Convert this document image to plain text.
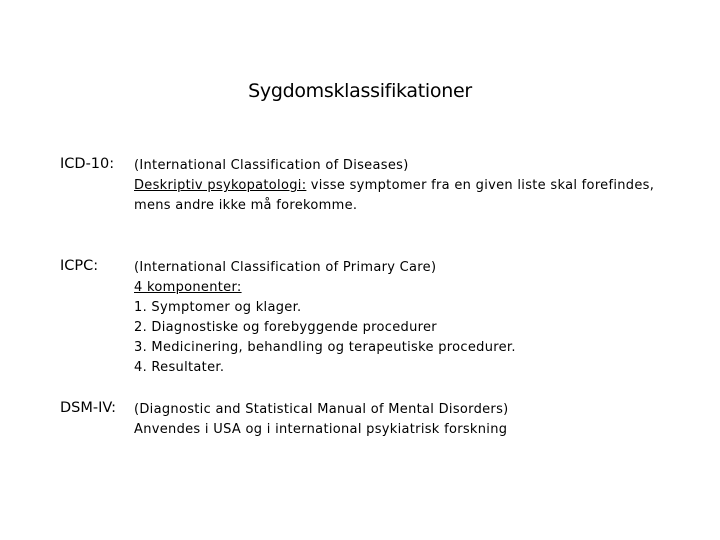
Sygdomsklassifikationer
ICD-10: (International Classification of Diseases)
Deskriptiv psykopatologi: visse symptomer fra en given liste skal forefindes,
mens andre ikke må forekomme.
ICPC:	(International Classification of Primary Care)
4 komponenter:
1. Symptomer og klager.
2. Diagnostiske og forebyggende procedurer
3. Medicinering, behandling og terapeutiske procedurer.
4. Resultater.
DSM-IV: (Diagnostic and Statistical Manual of Mental Disorders)
Anvendes i USA og i international psykiatrisk forskning
